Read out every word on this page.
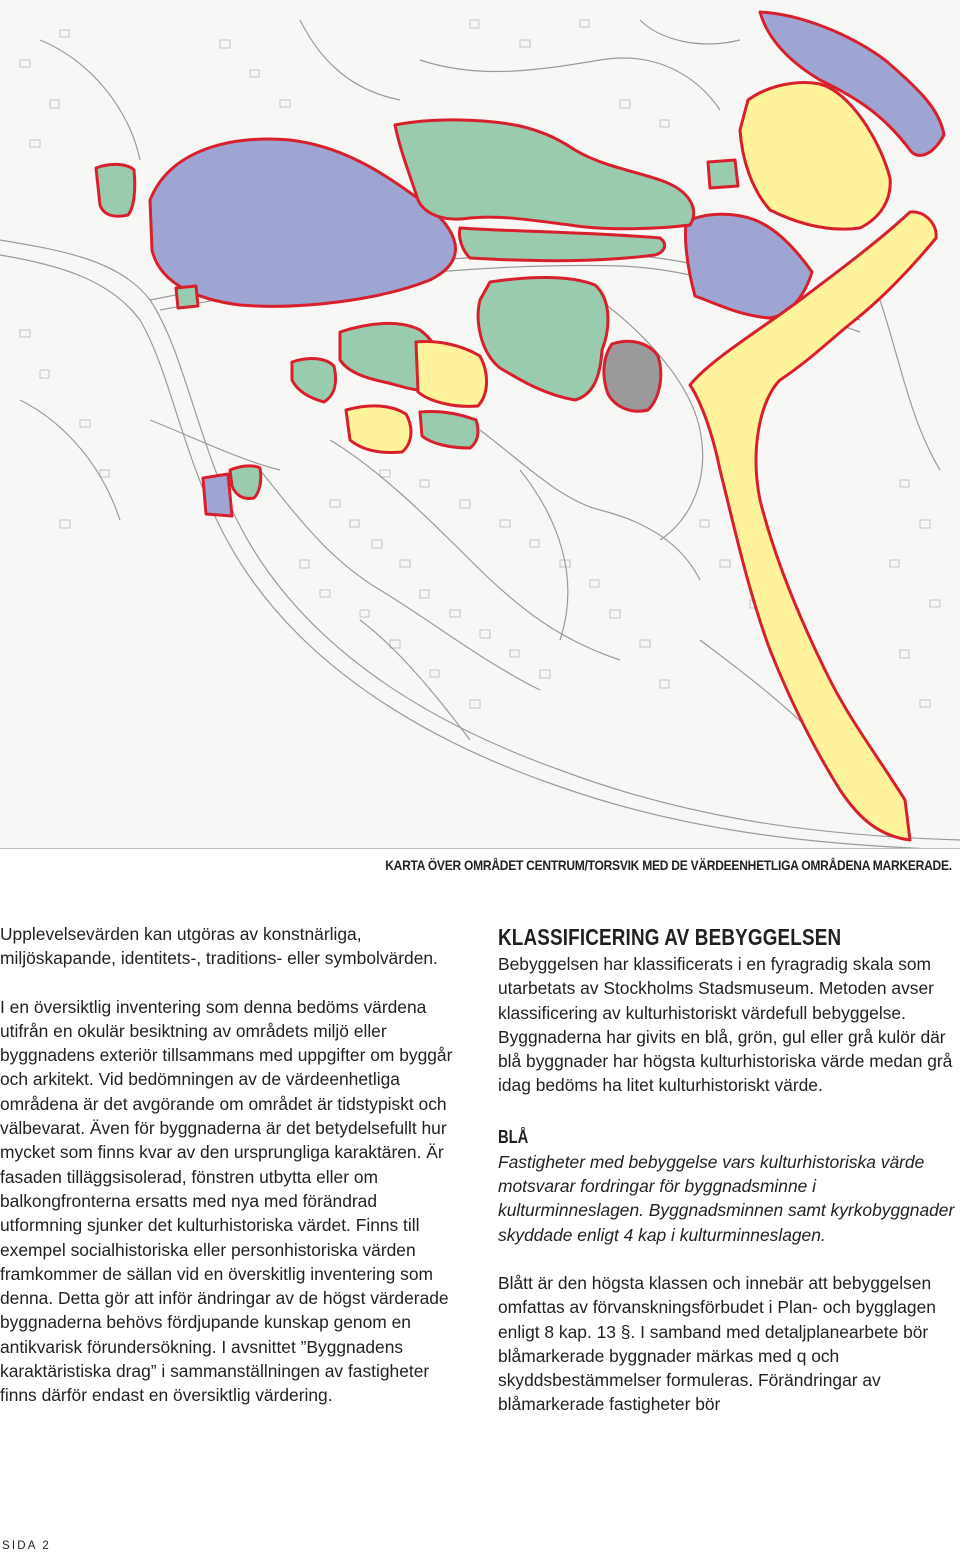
KARTA ÖVER OMRÅDET CENTRUM/TORSVIK MED DE VÄRDEENHETLIGA OMRÅDENA MARKERADE.

Upplevelsevärden kan utgöras av konstnärliga, miljöskapande, identitets-, traditions- eller symbolvärden.

I en översiktlig inventering som denna bedöms värdena utifrån en okulär besiktning av områdets miljö eller byggnadens exteriör tillsammans med uppgifter om byggår och arkitekt. Vid bedömningen av de värdeenhetliga områdena är det avgörande om området är tidstypiskt och välbevarat. Även för byggnaderna är det betydelsefullt hur mycket som finns kvar av den ursprungliga karaktären. Är fasaden tilläggsisolerad, fönstren utbytta eller om balkongfronterna ersatts med nya med förändrad utformning sjunker det kulturhistoriska värdet. Finns till exempel socialhistoriska eller personhistoriska värden framkommer de sällan vid en överskitlig inventering som denna. Detta gör att inför ändringar av de högst värderade byggnaderna behövs fördjupande kunskap genom en antikvarisk förundersökning. I avsnittet ”Byggnadens karaktäristiska drag” i sammanställningen av fastigheter finns därför endast en översiktlig värdering.

KLASSIFICERING AV BEBYGGELSEN

Bebyggelsen har klassificerats i en fyragradig skala som utarbetats av Stockholms Stadsmuseum. Metoden avser klassificering av kulturhistoriskt värdefull bebyggelse. Byggnaderna har givits en blå, grön, gul eller grå kulör där blå byggnader har högsta kulturhistoriska värde medan grå idag bedöms ha litet kulturhistoriskt värde.

BLÅ

Fastigheter med bebyggelse vars kulturhistoriska värde motsvarar fordringar för byggnadsminne i kulturminneslagen. Byggnadsminnen samt kyrkobyggnader skyddade enligt 4 kap i kulturminneslagen.

Blått är den högsta klassen och innebär att bebyggelsen omfattas av förvanskningsförbudet i Plan- och bygglagen enligt 8 kap. 13 §. I samband med detaljplanearbete bör blåmarkerade byggnader märkas med q och skyddsbestämmelser formuleras. Förändringar av blåmarkerade fastigheter bör

SIDA 2
